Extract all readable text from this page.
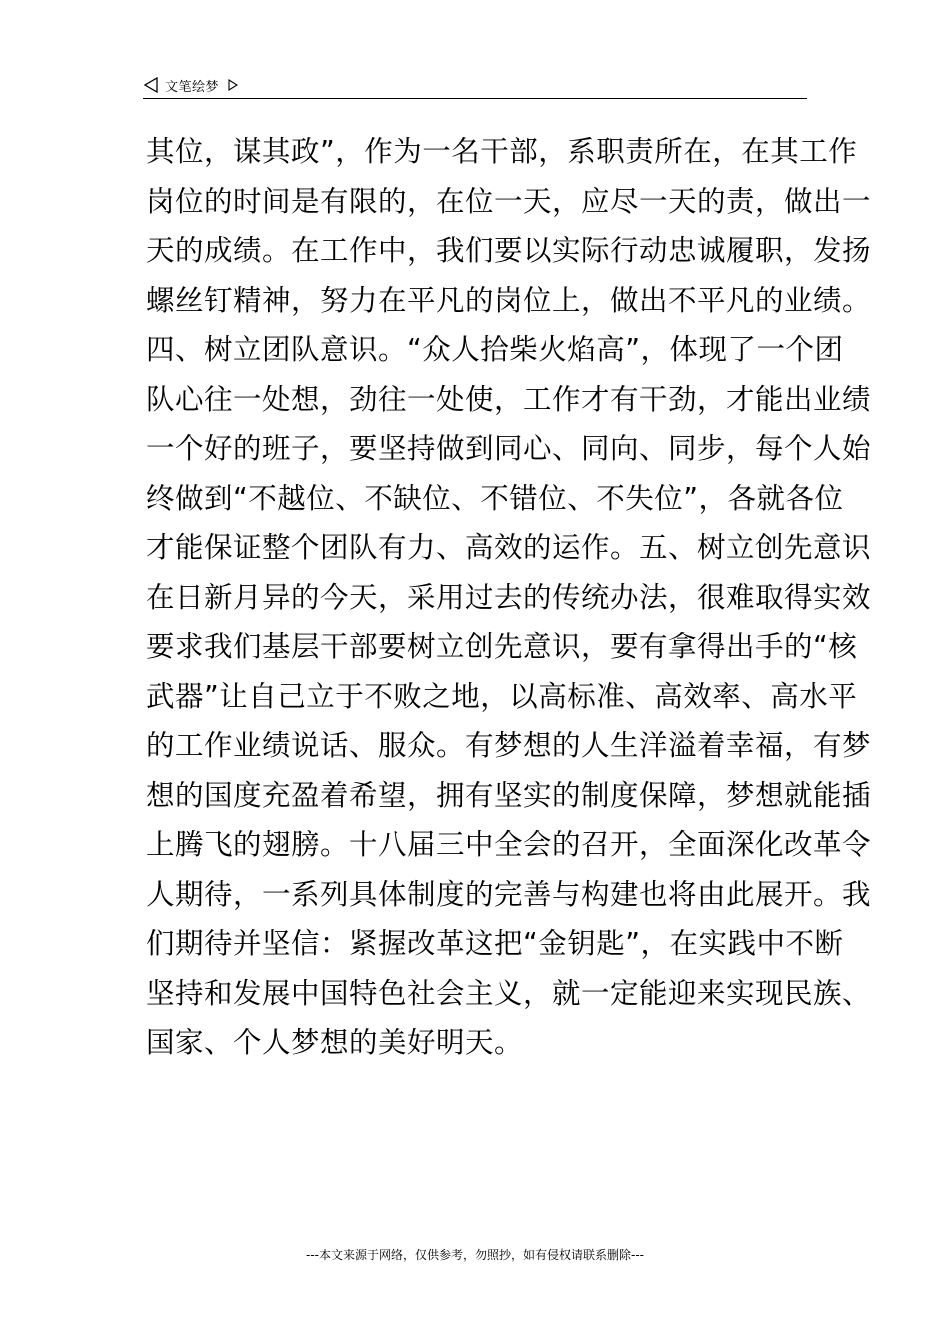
文笔绘梦
其位，谋其政”，作为一名干部，系职责所在，在其工作
岗位的时间是有限的，在位一天，应尽一天的责，做出一
天的成绩。在工作中，我们要以实际行动忠诚履职，发扬
螺丝钉精神，努力在平凡的岗位上，做出不平凡的业绩。
四、树立团队意识。“众人拾柴火焰高”，体现了一个团
队心往一处想，劲往一处使，工作才有干劲，才能出业绩
一个好的班子，要坚持做到同心、同向、同步，每个人始
终做到“不越位、不缺位、不错位、不失位”，各就各位
才能保证整个团队有力、高效的运作。五、树立创先意识
在日新月异的今天，采用过去的传统办法，很难取得实效
要求我们基层干部要树立创先意识，要有拿得出手的“核
武器”让自己立于不败之地，以高标准、高效率、高水平
的工作业绩说话、服众。有梦想的人生洋溢着幸福，有梦
想的国度充盈着希望，拥有坚实的制度保障，梦想就能插
上腾飞的翅膀。十八届三中全会的召开，全面深化改革令
人期待，一系列具体制度的完善与构建也将由此展开。我
们期待并坚信：紧握改革这把“金钥匙”，在实践中不断
坚持和发展中国特色社会主义，就一定能迎来实现民族、
国家、个人梦想的美好明天。
---本文来源于网络，仅供参考，勿照抄，如有侵权请联系删除---
